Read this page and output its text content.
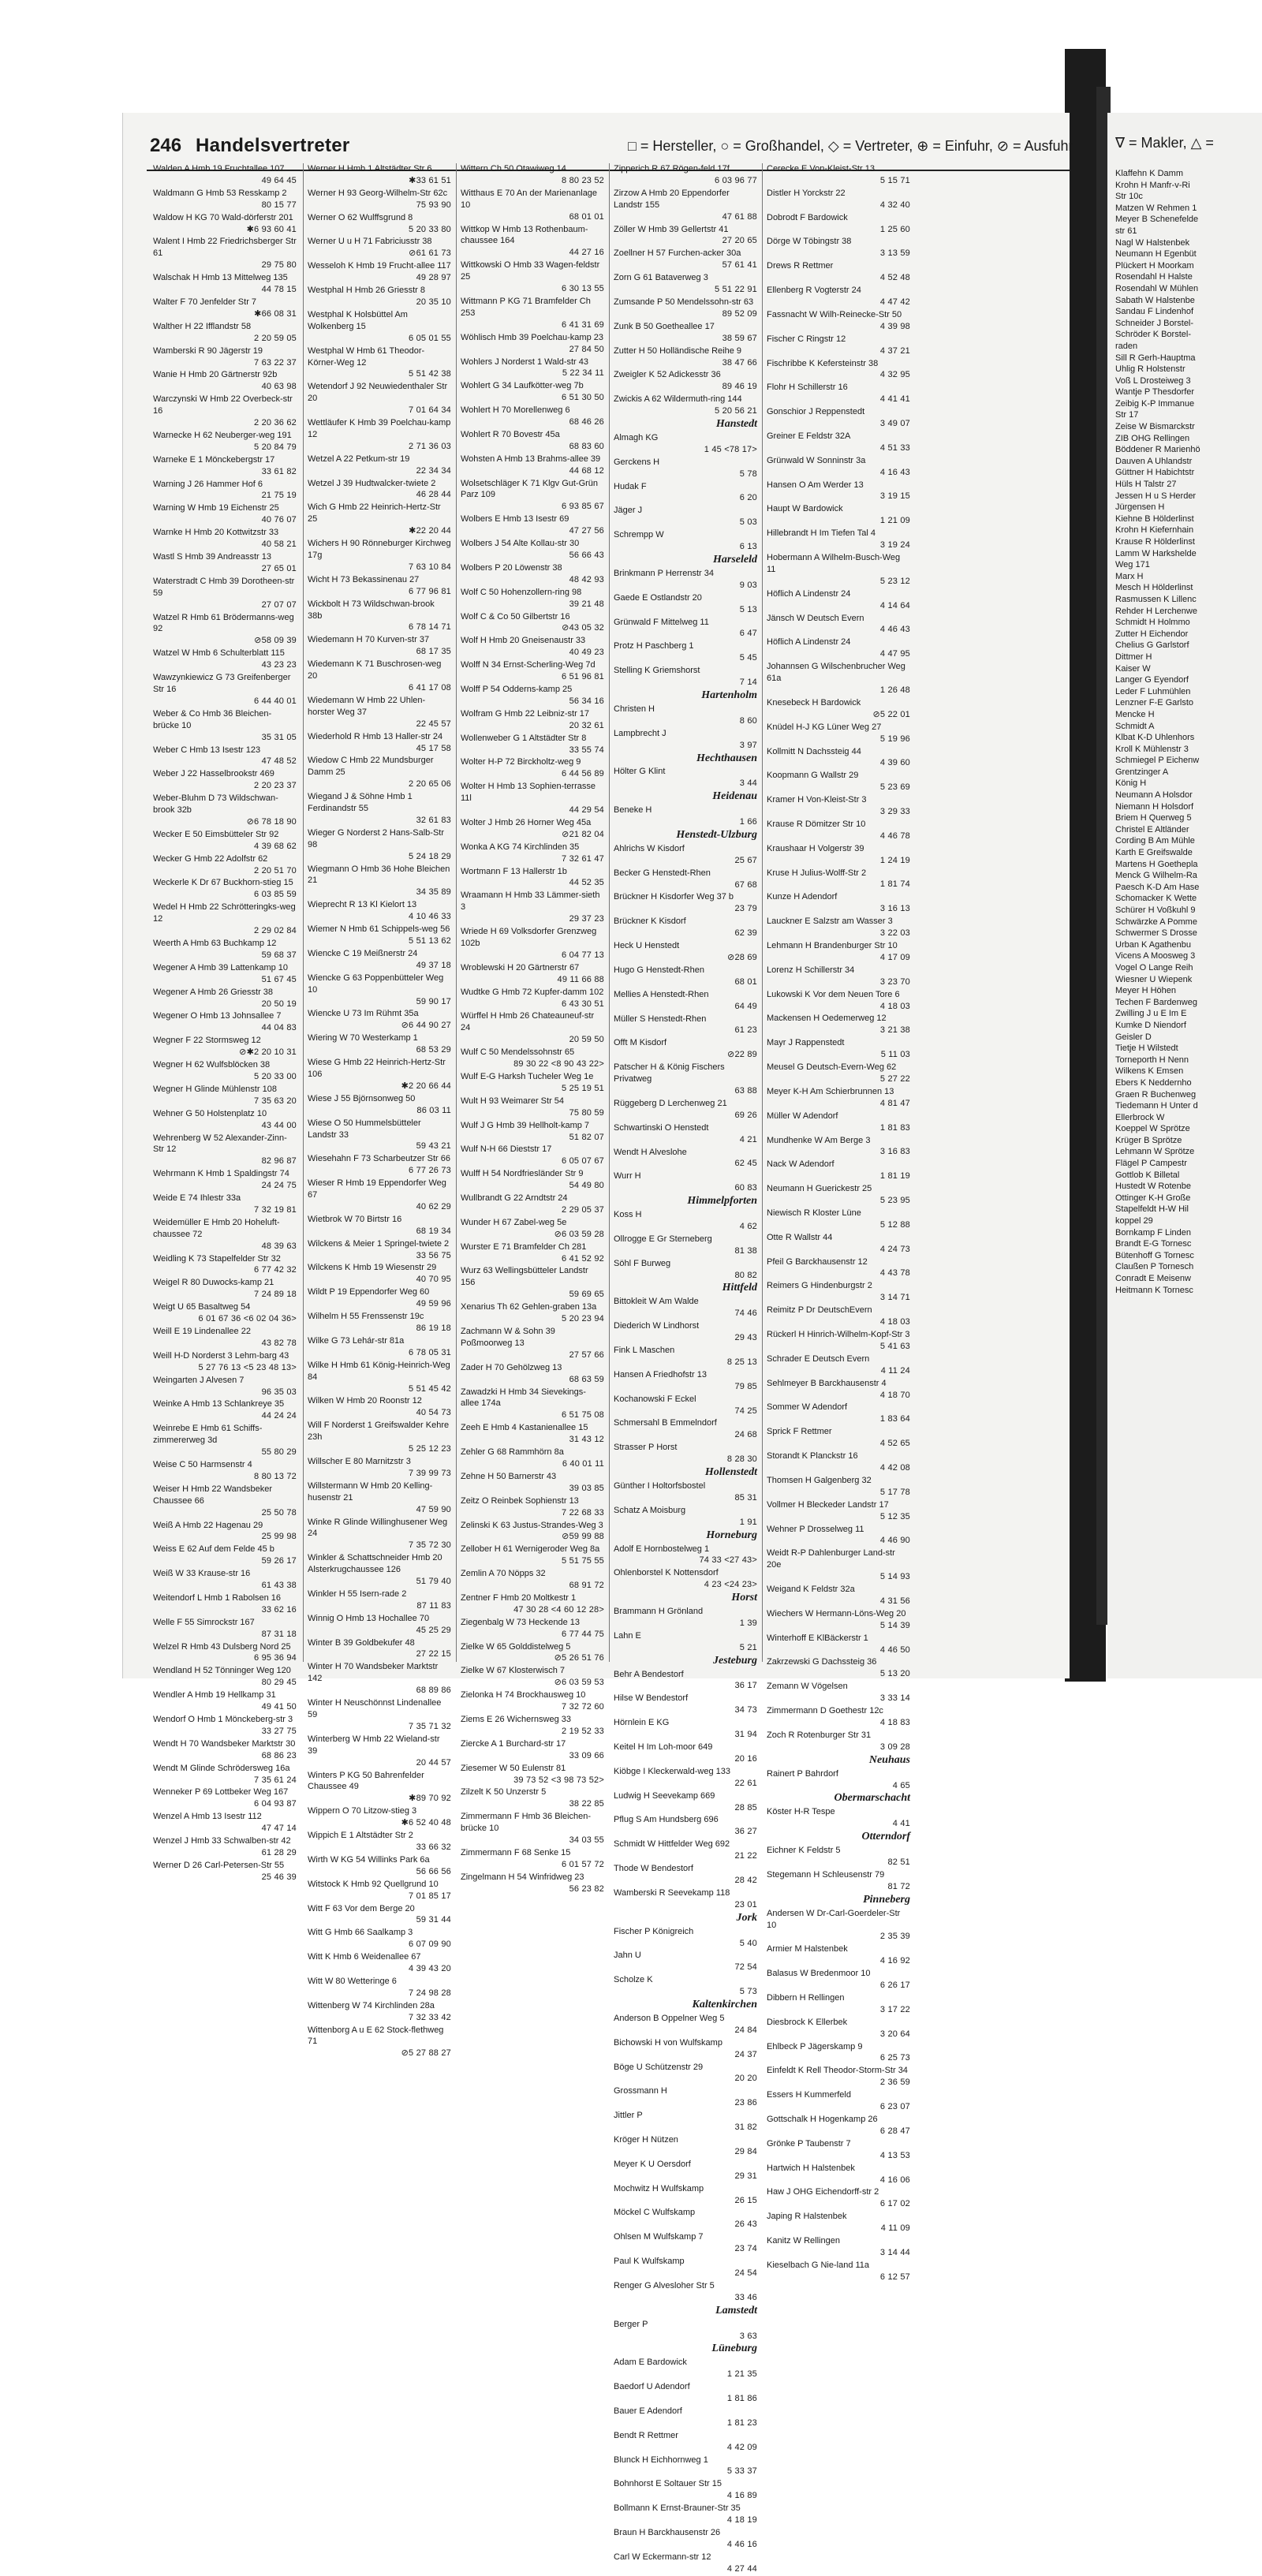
246 Handelsvertreter	□ = Hersteller, ○ = Großhandel, ◇ = Vertreter, ⊕ = Einfuhr, ⊘ = Ausfuhr
Walden A Hmb 19 Fruchtallee 107
49 64 45
Waldmann G Hmb 53 Resskamp 2
80 15 77
Waldow H KG 70 Wald-dörferstr 201
✱6 93 60 41
Walent I Hmb 22 Friedrichsberger Str 61
29 75 80
Walschak H Hmb 13 Mittelweg 135
44 78 15
Walter F 70 Jenfelder Str 7
✱66 08 31
Walther H 22 Ifflandstr 58
2 20 59 05
Wamberski R 90 Jägerstr 19
7 63 22 37
Wanie H Hmb 20 Gärtnerstr 92b
40 63 98
Warczynski W Hmb 22 Overbeck-str 16
2 20 36 62
Warnecke H 62 Neuberger-weg 191
5 20 84 79
Warneke E 1 Mönckebergstr 17
33 61 82
Warning J 26 Hammer Hof 6
21 75 19
Warning W Hmb 19 Eichenstr 25
40 76 07
Warnke H Hmb 20 Kottwitzstr 33
40 58 21
Wastl S Hmb 39 Andreasstr 13
27 65 01
Waterstradt C Hmb 39 Dorotheen-str 59
27 07 07
Watzel R Hmb 61 Brödermanns-weg 92
⊘58 09 39
Watzel W Hmb 6 Schulterblatt 115
43 23 23
Wawzynkiewicz G 73 Greifenberger Str 16
6 44 40 01
Weber & Co Hmb 36 Bleichen-brücke 10
35 31 05
Weber C Hmb 13 Isestr 123
47 48 52
Weber J 22 Hasselbrookstr 469
2 20 23 37
Weber-Bluhm D 73 Wildschwan-brook 32b
⊘6 78 18 90
Wecker E 50 Eimsbütteler Str 92
4 39 68 62
Wecker G Hmb 22 Adolfstr 62
2 20 51 70
Weckerle K Dr 67 Buckhorn-stieg 15
6 03 85 59
Wedel H Hmb 22 Schrötteringks-weg 12
2 29 02 84
Weerth A Hmb 63 Buchkamp 12
59 68 37
Wegener A Hmb 39 Lattenkamp 10
51 67 45
Wegener A Hmb 26 Griesstr 38
20 50 19
Wegener O Hmb 13 Johnsallee 7
44 04 83
Wegner F 22 Stormsweg 12
⊘✱2 20 10 31
Wegner H 62 Wulfsblöcken 38
5 20 33 00
Wegner H Glinde Mühlenstr 108
7 35 63 20
Wehner G 50 Holstenplatz 10
43 44 00
Wehrenberg W 52 Alexander-Zinn-Str 12
82 96 87
Wehrmann K Hmb 1 Spaldingstr 74
24 24 75
Weide E 74 Ihlestr 33a
7 32 19 81
Weidemüller E Hmb 20 Hoheluft-chaussee 72
48 39 63
Weidling K 73 Stapelfelder Str 32
6 77 42 32
Weigel R 80 Duwocks-kamp 21
7 24 89 18
Weigt U 65 Basaltweg 54
6 01 67 36 <6 02 04 36>
Weill E 19 Lindenallee 22
43 82 78
Weill H-D Norderst 3 Lehm-barg 43
5 27 76 13 <5 23 48 13>
Weingarten J Alvesen 7
96 35 03
Weinke A Hmb 13 Schlankreye 35
44 24 24
Weinrebe E Hmb 61 Schiffs-zimmererweg 3d
55 80 29
Weise C 50 Harmsenstr 4
8 80 13 72
Weiser H Hmb 22 Wandsbeker Chaussee 66
25 50 78
Weiß A Hmb 22 Hagenau 29
25 99 98
Weiss E 62 Auf dem Felde 45 b
59 26 17
Weiß W 33 Krause-str 16
61 43 38
Weitendorf L Hmb 1 Rabolsen 16
33 62 16
Welle F 55 Simrockstr 167
87 31 18
Welzel R Hmb 43 Dulsberg Nord 25
6 95 36 94
Wendland H 52 Tönninger Weg 120
80 29 45
Wendler A Hmb 19 Hellkamp 31
49 41 50
Wendorf O Hmb 1 Mönckeberg-str 3
33 27 75
Wendt H 70 Wandsbeker Marktstr 30
68 86 23
Wendt M Glinde Schrödersweg 16a
7 35 61 24
Wenneker P 69 Lottbeker Weg 167
6 04 93 87
Wenzel A Hmb 13 Isestr 112
47 47 14
Wenzel J Hmb 33 Schwalben-str 42
61 28 29
Werner D 26 Carl-Petersen-Str 55
25 46 39
Werner H Hmb 1 Altstädter Str 6
✱33 61 51
Werner H 93 Georg-Wilhelm-Str 62c
75 93 90
Werner O 62 Wulffsgrund 8
5 20 33 80
Werner U u H 71 Fabriciusstr 38
⊘61 61 73
Wesseloh K Hmb 19 Frucht-allee 117
49 28 97
Westphal H Hmb 26 Griesstr 8
20 35 10
Westphal K Holsbüttel Am Wolkenberg 15
6 05 01 55
Westphal W Hmb 61 Theodor-Körner-Weg 12
5 51 42 38
Wetendorf J 92 Neuwiedenthaler Str 20
7 01 64 34
Wettläufer K Hmb 39 Poelchau-kamp 12
2 71 36 03
Wetzel A 22 Petkum-str 19
22 34 34
Wetzel J 39 Hudtwalcker-twiete 2
46 28 44
Wich G Hmb 22 Heinrich-Hertz-Str 25
✱22 20 44
Wichers H 90 Rönneburger Kirchweg 17g
7 63 10 84
Wicht H 73 Bekassinenau 27
6 77 96 81
Wickbolt H 73 Wildschwan-brook 38b
6 78 14 71
Wiedemann H 70 Kurven-str 37
68 17 35
Wiedemann K 71 Buschrosen-weg 20
6 41 17 08
Wiedemann W Hmb 22 Uhlen-horster Weg 37
22 45 57
Wiederhold R Hmb 13 Haller-str 24
45 17 58
Wiedow C Hmb 22 Mundsburger Damm 25
2 20 65 06
Wiegand J & Söhne Hmb 1 Ferdinandstr 55
32 61 83
Wieger G Norderst 2 Hans-Salb-Str 98
5 24 18 29
Wiegmann O Hmb 36 Hohe Bleichen 21
34 35 89
Wieprecht R 13 Kl Kielort 13
4 10 46 33
Wiemer N Hmb 61 Schippels-weg 56
5 51 13 62
Wiencke C 19 Meißnerstr 24
49 37 18
Wiencke G 63 Poppenbütteler Weg 10
59 90 17
Wiencke U 73 Im Rühmt 35a
⊘6 44 90 27
Wiering W 70 Westerkamp 1
68 53 29
Wiese G Hmb 22 Heinrich-Hertz-Str 106
✱2 20 66 44
Wiese J 55 Björnsonweg 50
86 03 11
Wiese O 50 Hummelsbütteler Landstr 33
59 43 21
Wiesehahn F 73 Scharbeutzer Str 66
6 77 26 73
Wieser R Hmb 19 Eppendorfer Weg 67
40 62 29
Wietbrok W 70 Birtstr 16
68 19 34
Wilckens & Meier 1 Springel-twiete 2
33 56 75
Wilckens K Hmb 19 Wiesenstr 29
40 70 95
Wildt P 19 Eppendorfer Weg 60
49 59 96
Wilhelm H 55 Frenssenstr 19c
86 19 18
Wilke G 73 Lehár-str 81a
6 78 05 31
Wilke H Hmb 61 König-Heinrich-Weg 84
5 51 45 42
Wilken W Hmb 20 Roonstr 12
40 54 73
Will F Norderst 1 Greifswalder Kehre 23h
5 25 12 23
Willscher E 80 Marnitzstr 3
7 39 99 73
Willstermann W Hmb 20 Kelling-husenstr 21
47 59 90
Winke R Glinde Willinghusener Weg 24
7 35 72 30
Winkler & Schattschneider Hmb 20 Alsterkrugchaussee 126
51 79 40
Winkler H 55 Isern-rade 2
87 11 83
Winnig O Hmb 13 Hochallee 70
45 25 29
Winter B 39 Goldbekufer 48
27 22 15
Winter H 70 Wandsbeker Marktstr 142
68 89 86
Winter H Neuschönnst Lindenallee 59
7 35 71 32
Winterberg W Hmb 22 Wieland-str 39
20 44 57
Winters P KG 50 Bahrenfelder Chaussee 49
✱89 70 92
Wippern O 70 Litzow-stieg 3
✱6 52 40 48
Wippich E 1 Altstädter Str 2
33 66 32
Wirth W KG 54 Willinks Park 6a
56 66 56
Witstock K Hmb 92 Quellgrund 10
7 01 85 17
Witt F 63 Vor dem Berge 20
59 31 44
Witt G Hmb 66 Saalkamp 3
6 07 09 90
Witt K Hmb 6 Weidenallee 67
4 39 43 20
Witt W 80 Wetteringe 6
7 24 98 28
Wittenberg W 74 Kirchlinden 28a
7 32 33 42
Wittenborg A u E 62 Stock-flethweg 71
⊘5 27 88 27
Wittern Ch 50 Otawiweg 14
8 80 23 52
Witthaus E 70 An der Marienanlage 10
68 01 01
Wittkop W Hmb 13 Rothenbaum-chaussee 164
44 27 16
Wittkowski O Hmb 33 Wagen-feldstr 25
6 30 13 55
Wittmann P KG 71 Bramfelder Ch 253
6 41 31 69
Wöhlisch Hmb 39 Poelchau-kamp 23
27 84 50
Wohlers J Norderst 1 Wald-str 43
5 22 34 11
Wohlert G 34 Laufkötter-weg 7b
6 51 30 50
Wohlert H 70 Morellenweg 6
68 46 26
Wohlert R 70 Bovestr 45a
68 83 60
Wohsten A Hmb 13 Brahms-allee 39
44 68 12
Wolsetschläger K 71 Klgv Gut-Grün Parz 109
6 93 85 67
Wolbers E Hmb 13 Isestr 69
47 27 56
Wolbers J 54 Alte Kollau-str 30
56 66 43
Wolbers P 20 Löwenstr 38
48 42 93
Wolf C 50 Hohenzollern-ring 98
39 21 48
Wolf C & Co 50 Gilbertstr 16
⊘43 05 32
Wolf H Hmb 20 Gneisenaustr 33
40 49 23
Wolff N 34 Ernst-Scherling-Weg 7d
6 51 96 81
Wolff P 54 Odderns-kamp 25
56 34 16
Wolfram G Hmb 22 Leibniz-str 17
20 32 61
Wollenweber G 1 Altstädter Str 8
33 55 74
Wolter H-P 72 Birckholtz-weg 9
6 44 56 89
Wolter H Hmb 13 Sophien-terrasse 11l
44 29 54
Wolter J Hmb 26 Horner Weg 45a
⊘21 82 04
Wonka A KG 74 Kirchlinden 35
7 32 61 47
Wortmann F 13 Hallerstr 1b
44 52 35
Wraamann H Hmb 33 Lämmer-sieth 3
29 37 23
Wriede H 69 Volksdorfer Grenzweg 102b
6 04 77 13
Wroblewski H 20 Gärtnerstr 67
49 11 66 88
Wudtke G Hmb 72 Kupfer-damm 102
6 43 30 51
Würffel H Hmb 26 Chateauneuf-str 24
20 59 50
Wulf C 50 Mendelssohnstr 65
89 30 22 <8 90 43 22>
Wulf E-G Harksh Tucheler Weg 1e
5 25 19 51
Wult H 93 Weimarer Str 54
75 80 59
Wulf J G Hmb 39 Hellholt-kamp 7
51 82 07
Wulf N-H 66 Dieststr 17
6 05 07 67
Wulff H 54 Nordfriesländer Str 9
54 49 80
Wullbrandt G 22 Arndtstr 24
2 29 05 37
Wunder H 67 Zabel-weg 5e
⊘6 03 59 28
Wurster E 71 Bramfelder Ch 281
6 41 52 92
Wurz 63 Wellingsbütteler Landstr 156
59 69 65
Xenarius Th 62 Gehlen-graben 13a
5 20 23 94
Zachmann W & Sohn 39 Poßmoorweg 13
27 57 66
Zader H 70 Gehölzweg 13
68 63 59
Zawadzki H Hmb 34 Sievekings-allee 174a
6 51 75 08
Zeeh E Hmb 4 Kastanienallee 15
31 43 12
Zehler G 68 Rammhörn 8a
6 40 01 11
Zehne H 50 Barnerstr 43
39 03 85
Zeitz O Reinbek Sophienstr 13
7 22 68 33
Zelinski K 63 Justus-Strandes-Weg 3
⊘59 99 88
Zellober H 61 Wernigeroder Weg 8a
5 51 75 55
Zemlin A 70 Nöpps 32
68 91 72
Zentner F Hmb 20 Moltkestr 1
47 30 28 <4 60 12 28>
Ziegenbalg W 73 Heckende 13
6 77 44 75
Zielke W 65 Golddistelweg 5
⊘5 26 51 76
Zielke W 67 Klosterwisch 7
⊘6 03 59 53
Zielonka H 74 Brockhausweg 10
7 32 72 60
Ziems E 26 Wichernsweg 33
2 19 52 33
Ziercke A 1 Burchard-str 17
33 09 66
Ziesemer W 50 Eulenstr 81
39 73 52 <3 98 73 52>
Zilzelt K 50 Unzerstr 5
38 22 85
Zimmermann F Hmb 36 Bleichen-brücke 10
34 03 55
Zimmermann F 68 Senke 15
6 01 57 72
Zingelmann H 54 Winfridweg 23
56 23 82
Zipperich R 67 Rögen-feld 17f
6 03 96 77
Zirzow A Hmb 20 Eppendorfer Landstr 155
47 61 88
Zöller W Hmb 39 Gellertstr 41
27 20 65
Zoellner H 57 Furchen-acker 30a
57 61 41
Zorn G 61 Bataverweg 3
5 51 22 91
Zumsande P 50 Mendelssohn-str 63
89 52 09
Zunk B 50 Goetheallee 17
38 59 67
Zutter H 50 Holländische Reihe 9
38 47 66
Zweigler K 52 Adickesstr 36
89 46 19
Zwickis A 62 Wildermuth-ring 144
5 20 56 21
Hanstedt
Almagh KG
1 45 <78 17>
Gerckens H
5 78
Hudak F
6 20
Jäger J
5 03
Schrempp W
6 13
Harseleld
Brinkmann P Herrenstr 34
9 03
Gaede E Ostlandstr 20
5 13
Grünwald F Mittelweg 11
6 47
Protz H Paschberg 1
5 45
Stelling K Griemshorst
7 14
Hartenholm
Christen H
8 60
Lampbrecht J
3 97
Hechthausen
Hölter G Klint
3 44
Heidenau
Beneke H
1 66
Henstedt-Ulzburg
Ahlrichs W Kisdorf
25 67
Becker G Henstedt-Rhen
67 68
Brückner H Kisdorfer Weg 37 b
23 79
Brückner K Kisdorf
62 39
Heck U Henstedt
⊘28 69
Hugo G Henstedt-Rhen
68 01
Mellies A Henstedt-Rhen
64 49
Müller S Henstedt-Rhen
61 23
Offt M Kisdorf
⊘22 89
Patscher H & König Fischers Privatweg
63 88
Rüggeberg D Lerchenweg 21
69 26
Schwartinski O Henstedt
4 21
Wendt H Alveslohe
62 45
Wurr H
60 83
Himmelpforten
Koss H
4 62
Ollrogge E Gr Sterneberg
81 38
Söhl F Burweg
80 82
Hittfeld
Bittokleit W Am Walde
74 46
Diederich W Lindhorst
29 43
Fink L Maschen
8 25 13
Hansen A Friedhofstr 13
79 85
Kochanowski F Eckel
74 25
Schmersahl B Emmelndorf
24 68
Strasser P Horst
8 28 30
Hollenstedt
Günther I Holtorfsbostel
85 31
Schatz A Moisburg
1 91
Horneburg
Adolf E Hornbostelweg 1
74 33 <27 43>
Ohlenborstel K Nottensdorf
4 23 <24 23>
Horst
Brammann H Grönland
1 39
Lahn E
5 21
Jesteburg
Behr A Bendestorf
36 17
Hilse W Bendestorf
34 73
Hörnlein E KG
31 94
Keitel H Im Loh-moor 649
20 16
Kiöbge I Kleckerwald-weg 133
22 61
Ludwig H Seevekamp 669
28 85
Pflug S Am Hundsberg 696
36 27
Schmidt W Hittfelder Weg 692
21 22
Thode W Bendestorf
28 42
Wamberski R Seevekamp 118
23 01
Jork
Fischer P Königreich
5 40
Jahn U
72 54
Scholze K
5 73
Kaltenkirchen
Anderson B Oppelner Weg 5
24 84
Bichowski H von Wulfskamp
24 37
Böge U Schützenstr 29
20 20
Grossmann H
23 86
Jittler P
31 82
Kröger H Nützen
29 84
Meyer K U Oersdorf
29 31
Mochwitz H Wulfskamp
26 15
Möckel C Wulfskamp
26 43
Ohlsen M Wulfskamp 7
23 74
Paul K Wulfskamp
24 54
Renger G Alvesloher Str 5
33 46
Lamstedt
Berger P
3 63
Lüneburg
Adam E Bardowick
1 21 35
Baedorf U Adendorf
1 81 86
Bauer E Adendorf
1 81 23
Bendt R Rettmer
4 42 09
Blunck H Eichhornweg 1
5 33 37
Bohnhorst E Soltauer Str 15
4 16 89
Bollmann K Ernst-Brauner-Str 35
4 18 19
Braun H Barckhausenstr 26
4 46 16
Carl W Eckermann-str 12
4 27 44
Cerecke E Von-Kleist-Str 13
5 15 71
Distler H Yorckstr 22
4 32 40
Dobrodt F Bardowick
1 25 60
Dörge W Töbingstr 38
3 13 59
Drews R Rettmer
4 52 48
Ellenberg R Vogterstr 24
4 47 42
Fassnacht W Wilh-Reinecke-Str 50
4 39 98
Fischer C Ringstr 12
4 37 21
Fischribbe K Kefersteinstr 38
4 32 95
Flohr H Schillerstr 16
4 41 41
Gonschior J Reppenstedt
3 49 07
Greiner E Feldstr 32A
4 51 33
Grünwald W Sonninstr 3a
4 16 43
Hansen O Am Werder 13
3 19 15
Haupt W Bardowick
1 21 09
Hillebrandt H Im Tiefen Tal 4
3 19 24
Hobermann A Wilhelm-Busch-Weg 11
5 23 12
Höflich A Lindenstr 24
4 14 64
Jänsch W Deutsch Evern
4 46 43
Höflich A Lindenstr 24
4 47 95
Johannsen G Wilschenbrucher Weg 61a
1 26 48
Knesebeck H Bardowick
⊘5 22 01
Knüdel H-J KG Lüner Weg 27
5 19 96
Kollmitt N Dachssteig 44
4 39 60
Koopmann G Wallstr 29
5 23 69
Kramer H Von-Kleist-Str 3
3 29 33
Krause R Dömitzer Str 10
4 46 78
Kraushaar H Volgerstr 39
1 24 19
Kruse H Julius-Wolff-Str 2
1 81 74
Kunze H Adendorf
3 16 13
Lauckner E Salzstr am Wasser 3
3 22 03
Lehmann H Brandenburger Str 10
4 17 09
Lorenz H Schillerstr 34
3 23 70
Lukowski K Vor dem Neuen Tore 6
4 18 03
Mackensen H Oedemerweg 12
3 21 38
Mayr J Rappenstedt
5 11 03
Meusel G Deutsch-Evern-Weg 62
5 27 22
Meyer K-H Am Schierbrunnen 13
4 81 47
Müller W Adendorf
1 81 83
Mundhenke W Am Berge 3
3 16 83
Nack W Adendorf
1 81 19
Neumann H Guerickestr 25
5 23 95
Niewisch R Kloster Lüne
5 12 88
Otte R Wallstr 44
4 24 73
Pfeil G Barckhausenstr 12
4 43 78
Reimers G Hindenburgstr 2
3 14 71
Reimitz P Dr DeutschEvern
4 18 03
Rückerl H Hinrich-Wilhelm-Kopf-Str 3
5 41 63
Schrader E Deutsch Evern
4 11 24
Sehlmeyer B Barckhausenstr 4
4 18 70
Sommer W Adendorf
1 83 64
Sprick F Rettmer
4 52 65
Storandt K Planckstr 16
4 42 08
Thomsen H Galgenberg 32
5 17 78
Vollmer H Bleckeder Landstr 17
5 12 35
Wehner P Drosselweg 11
4 46 90
Weidt R-P Dahlenburger Land-str 20e
5 14 93
Weigand K Feldstr 32a
4 31 56
Wiechers W Hermann-Löns-Weg 20
5 14 39
Winterhoff E KlBäckerstr 1
4 46 50
Zakrzewski G Dachssteig 36
5 13 20
Zemann W Vögelsen
3 33 14
Zimmermann D Goethestr 12c
4 18 83
Zoch R Rotenburger Str 31
3 09 28
Neuhaus
Rainert P Bahrdorf
4 65
Obermarschacht
Köster H-R Tespe
4 41
Otterndorf
Eichner K Feldstr 5
82 51
Stegemann H Schleusenstr 79
81 72
Pinneberg
Andersen W Dr-Carl-Goerdeler-Str 10
2 35 39
Armier M Halstenbek
4 16 92
Balasus W Bredenmoor 10
6 26 17
Dibbern H Rellingen
3 17 22
Diesbrock K Ellerbek
3 20 64
Ehlbeck P Jägerskamp 9
6 25 73
Einfeldt K Rell Theodor-Storm-Str 34
2 36 59
Essers H Kummerfeld
6 23 07
Gottschalk H Hogenkamp 26
6 28 47
Grönke P Taubenstr 7
4 13 53
Hartwich H Halstenbek
4 16 06
Haw J OHG Eichendorff-str 2
6 17 02
Japing R Halstenbek
4 11 09
Kanitz W Rellingen
3 14 44
Kieselbach G Nie-land 11a
6 12 57
∇ = Makler, △ =
Klaffehn K Damm
Krohn H Manfr-v-Ri
Str 10c
Matzen W Rehmen 1
Meyer B Schenefelde
str 61
Nagl W Halstenbek
Neumann H Egenbüt
Plückert H Moorkam
Rosendahl H Halste
Rosendahl W Mühlen
Sabath W Halstenbe
Sandau F Lindenhof
Schneider J Borstel-
Schröder K Borstel-
raden
Sill R Gerh-Hauptma
Uhlig R Holstenstr
Voß L Drosteiweg 3
Wantje P Thesdorfer
Zeibig K-P Immanue
Str 17
Zeise W Bismarckstr
ZIB OHG Rellingen
Böddener R Marienhö
Dauven A Uhlandstr
Güttner H Habichtstr
Hüls H Talstr 27
Jessen H u S Herder
Jürgensen H
Kiehne B Hölderlinst
Krohn H Kiefernhain
Krause R Hölderlinst
Lamm W Harkshelde
Weg 171
Marx H
Mesch H Hölderlinst
Rasmussen K Lillenc
Rehder H Lerchenwe
Schmidt H Holmmo
Zutter H Eichendor
Chelius G Garlstorf
Dittmer H
Kaiser W
Langer G Eyendorf
Leder F Luhmühlen
Lenzner F-E Garlsto
Mencke H
Schmidt A
Klbat K-D Uhlenhors
Kroll K Mühlenstr 3
Schmiegel P Eichenw
Grentzinger A
König H
Neumann A Holsdor
Niemann H Holsdorf
Briem H Querweg 5
Christel E Altländer
Cording B Am Mühle
Karth E Greifswalde
Martens H Goethepla
Menck G Wilhelm-Ra
Paesch K-D Am Hase
Schomacker K Wette
Schürer H Voßkuhl 9
Schwärzke A Pomme
Schwermer S Drosse
Urban K Agathenbu
Vicens A Moosweg 3
Vogel O Lange Reih
Wiesner U Wiepenk
Meyer H Höhen
Techen F Bardenweg
Zwilling J u E Im E
Kumke D Niendorf
Geisler D
Tietje H Wilstedt
Torneporth H Nenn
Wilkens K Emsen
Ebers K Neddernho
Graen R Buchenweg
Tiedemann H Unter d
Ellerbrock W
Koeppel W Sprötze
Krüger B Sprötze
Lehmann W Sprötze
Flägel P Campestr
Gottlob K Billetal
Hustedt W Rotenbe
Ottinger K-H Große
Stapelfeldt H-W Hil
koppel 29
Bornkamp F Linden
Brandt E-G Tornesc
Bütenhoff G Tornesc
Claußen P Tornesch
Conradt E Meisenw
Heitmann K Tornesc
